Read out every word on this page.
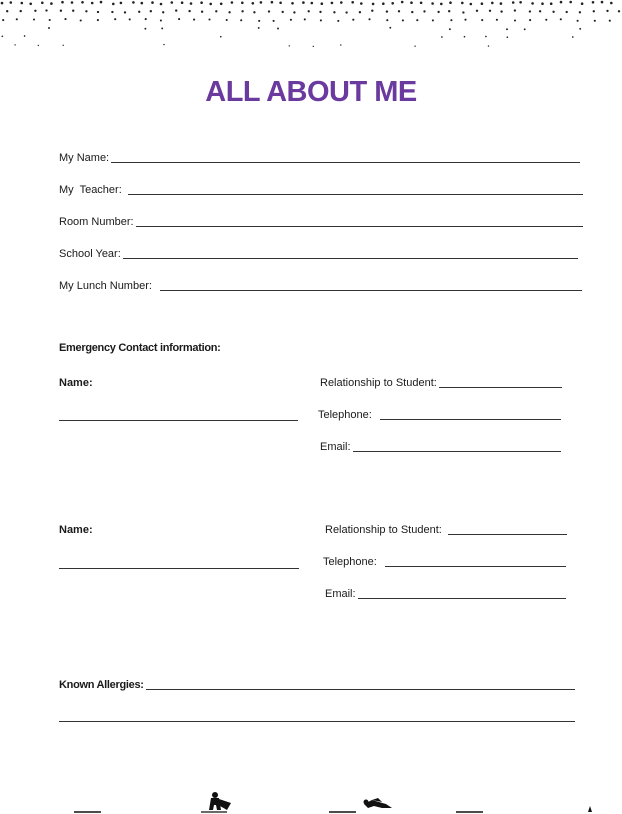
ALL ABOUT ME
My Name:
My  Teacher:
Room Number:
School Year:
My Lunch Number:
Emergency Contact information:
Name:	Relationship to Student:
Telephone:
Email:
Name:	Relationship to Student:
Telephone:
Email:
Known Allergies:
